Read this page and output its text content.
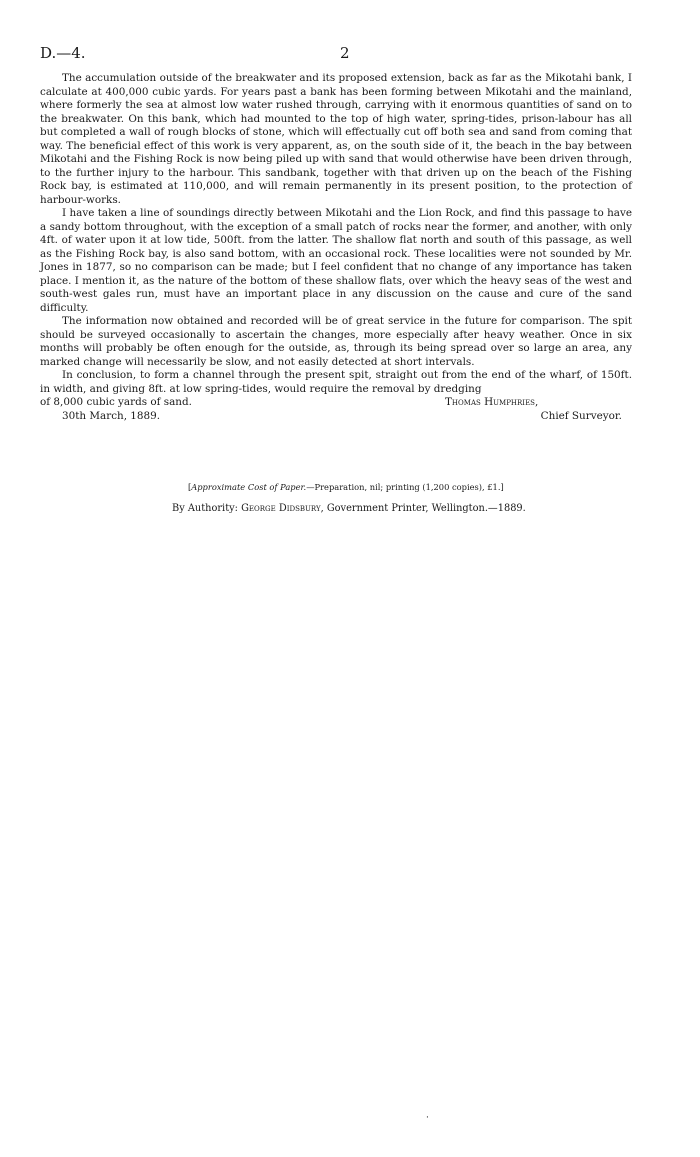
D.—4.	2

The accumulation outside of the breakwater and its proposed extension, back as far as the Mikotahi bank, I calculate at 400,000 cubic yards. For years past a bank has been forming between Mikotahi and the mainland, where formerly the sea at almost low water rushed through, carrying with it enormous quantities of sand on to the breakwater. On this bank, which had mounted to the top of high water, spring-tides, prison-labour has all but completed a wall of rough blocks of stone, which will effectually cut off both sea and sand from coming that way. The beneficial effect of this work is very apparent, as, on the south side of it, the beach in the bay between Mikotahi and the Fishing Rock is now being piled up with sand that would otherwise have been driven through, to the further injury to the harbour. This sandbank, together with that driven up on the beach of the Fishing Rock bay, is estimated at 110,000, and will remain permanently in its present position, to the protection of harbour-works.

I have taken a line of soundings directly between Mikotahi and the Lion Rock, and find this passage to have a sandy bottom throughout, with the exception of a small patch of rocks near the former, and another, with only 4ft. of water upon it at low tide, 500ft. from the latter. The shallow flat north and south of this passage, as well as the Fishing Rock bay, is also sand bottom, with an occasional rock. These localities were not sounded by Mr. Jones in 1877, so no comparison can be made; but I feel confident that no change of any importance has taken place. I mention it, as the nature of the bottom of these shallow flats, over which the heavy seas of the west and south-west gales run, must have an important place in any discussion on the cause and cure of the sand difficulty.

The information now obtained and recorded will be of great service in the future for comparison. The spit should be surveyed occasionally to ascertain the changes, more especially after heavy weather. Once in six months will probably be often enough for the outside, as, through its being spread over so large an area, any marked change will necessarily be slow, and not easily detected at short intervals.

In conclusion, to form a channel through the present spit, straight out from the end of the wharf, of 150ft. in width, and giving 8ft. at low spring-tides, would require the removal by dredging

of 8,000 cubic yards of sand.	Thomas Humphries,
30th March, 1889.	Chief Surveyor.
[Approximate Cost of Paper.—Preparation, nil; printing (1,200 copies), £1.]
By Authority: George Didsbury, Government Printer, Wellington.—1889.
·
